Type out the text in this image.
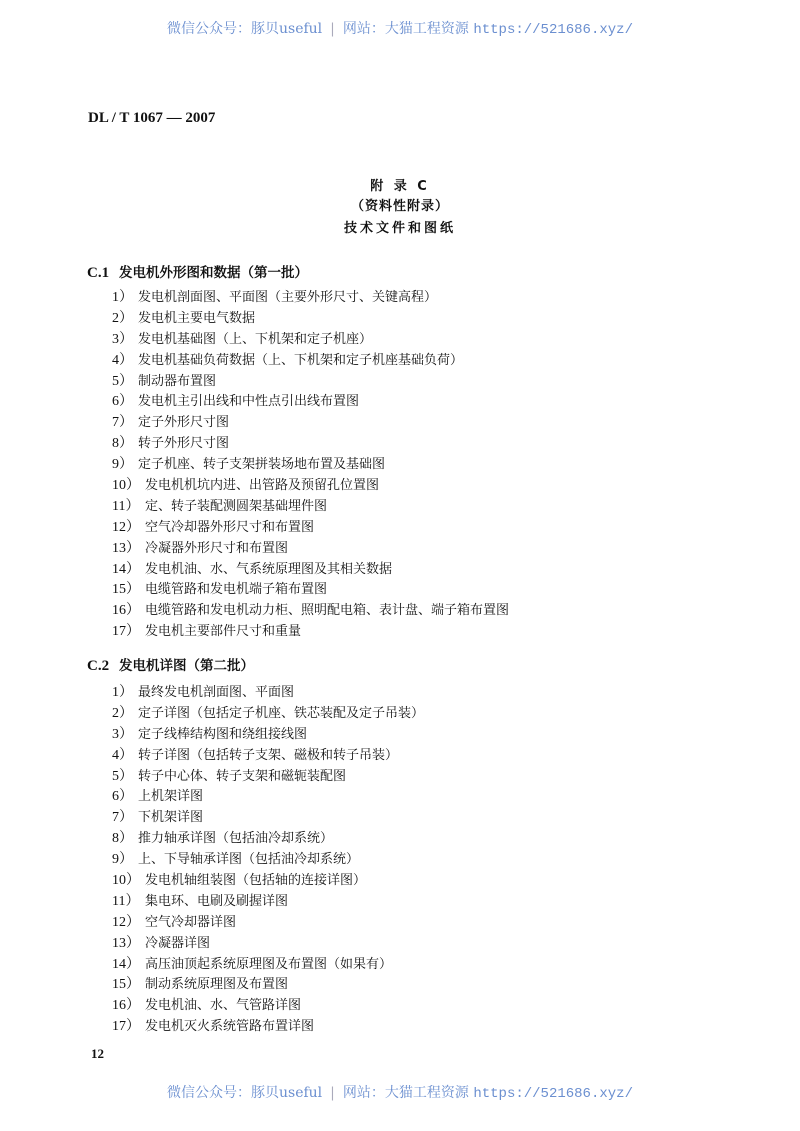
微信公众号：豚贝useful | 网站：大猫工程资源 https://521686.xyz/
DL / T 1067 — 2007
附 录 C
（资料性附录）
技术文件和图纸
C.1 发电机外形图和数据（第一批）
1） 发电机剖面图、平面图（主要外形尺寸、关键高程）
2） 发电机主要电气数据
3） 发电机基础图（上、下机架和定子机座）
4） 发电机基础负荷数据（上、下机架和定子机座基础负荷）
5） 制动器布置图
6） 发电机主引出线和中性点引出线布置图
7） 定子外形尺寸图
8） 转子外形尺寸图
9） 定子机座、转子支架拼装场地布置及基础图
10） 发电机机坑内进、出管路及预留孔位置图
11） 定、转子装配测圆架基础埋件图
12） 空气冷却器外形尺寸和布置图
13） 冷凝器外形尺寸和布置图
14） 发电机油、水、气系统原理图及其相关数据
15） 电缆管路和发电机端子箱布置图
16） 电缆管路和发电机动力柜、照明配电箱、表计盘、端子箱布置图
17） 发电机主要部件尺寸和重量
C.2 发电机详图（第二批）
1） 最终发电机剖面图、平面图
2） 定子详图（包括定子机座、铁芯装配及定子吊装）
3） 定子线棒结构图和绕组接线图
4） 转子详图（包括转子支架、磁极和转子吊装）
5） 转子中心体、转子支架和磁轭装配图
6） 上机架详图
7） 下机架详图
8） 推力轴承详图（包括油冷却系统）
9） 上、下导轴承详图（包括油冷却系统）
10） 发电机轴组装图（包括轴的连接详图）
11） 集电环、电刷及刷握详图
12） 空气冷却器详图
13） 冷凝器详图
14） 高压油顶起系统原理图及布置图（如果有）
15） 制动系统原理图及布置图
16） 发电机油、水、气管路详图
17） 发电机灭火系统管路布置详图
12
微信公众号：豚贝useful | 网站：大猫工程资源 https://521686.xyz/
